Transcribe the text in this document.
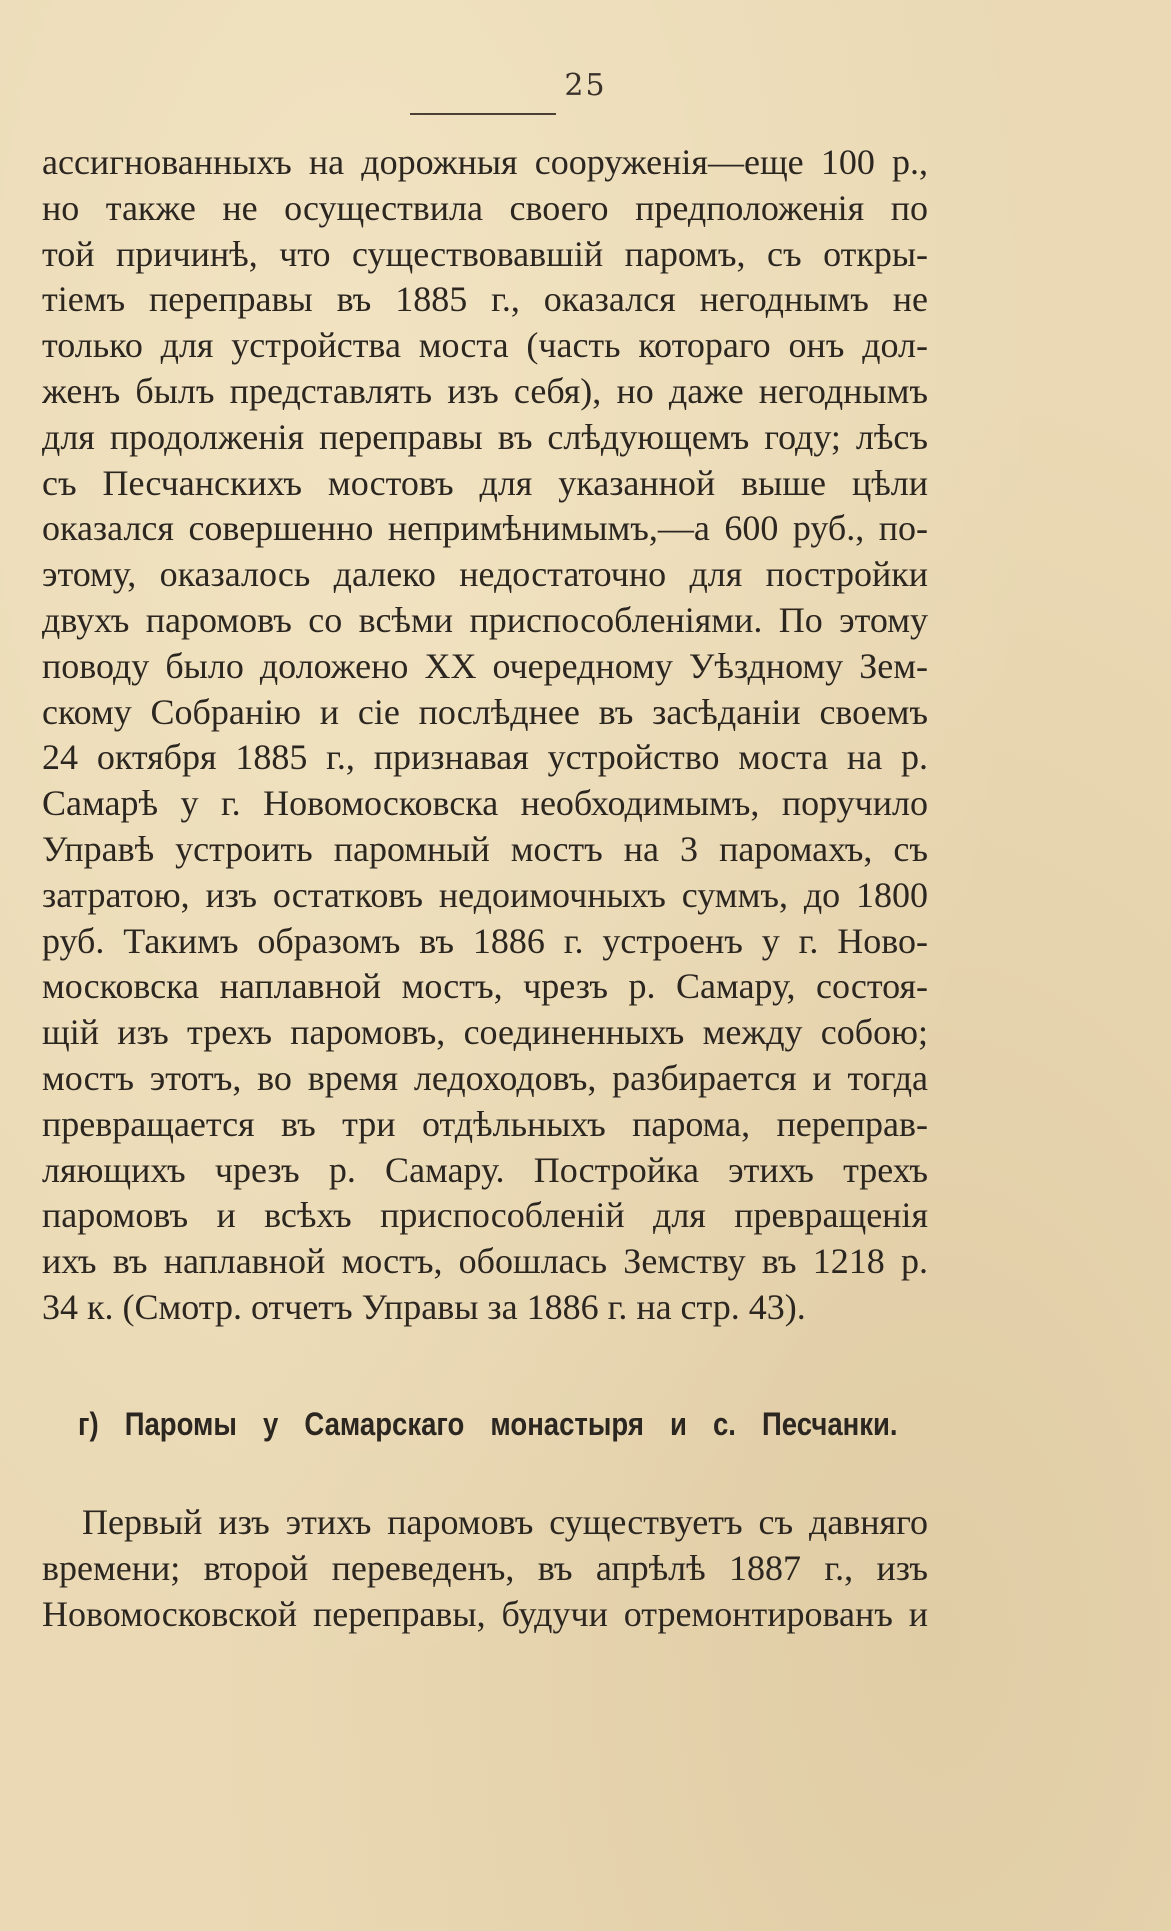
25
ассигнованныхъ на дорожныя сооруженія—еще 100 р.,
но также не осуществила своего предположенія по
той причинѣ, что существовавшій паромъ, съ откры-
тіемъ переправы въ 1885 г., оказался негоднымъ не
только для устройства моста (часть котораго онъ дол-
женъ былъ представлять изъ себя), но даже негоднымъ
для продолженія переправы въ слѣдующемъ году; лѣсъ
съ Песчанскихъ мостовъ для указанной выше цѣли
оказался совершенно непримѣнимымъ,—а 600 руб., по-
этому, оказалось далеко недостаточно для постройки
двухъ паромовъ со всѣми приспособленіями. По этому
поводу было доложено XX очередному Уѣздному Зем-
скому Собранію и сіе послѣднее въ засѣданіи своемъ
24 октября 1885 г., признавая устройство моста на р.
Самарѣ у г. Новомосковска необходимымъ, поручило
Управѣ устроить паромный мостъ на 3 паромахъ, съ
затратою, изъ остатковъ недоимочныхъ суммъ, до 1800
руб. Такимъ образомъ въ 1886 г. устроенъ у г. Ново-
московска наплавной мостъ, чрезъ р. Самару, состоя-
щій изъ трехъ паромовъ, соединенныхъ между собою;
мостъ этотъ, во время ледоходовъ, разбирается и тогда
превращается въ три отдѣльныхъ парома, переправ-
ляющихъ чрезъ р. Самару. Постройка этихъ трехъ
паромовъ и всѣхъ приспособленій для превращенія
ихъ въ наплавной мостъ, обошлась Земству въ 1218 р.
34 к. (Смотр. отчетъ Управы за 1886 г. на стр. 43).
г) Паромы у Самарскаго монастыря и с. Песчанки.
Первый изъ этихъ паромовъ существуетъ съ давняго
времени; второй переведенъ, въ апрѣлѣ 1887 г., изъ
Новомосковской переправы, будучи отремонтированъ и
